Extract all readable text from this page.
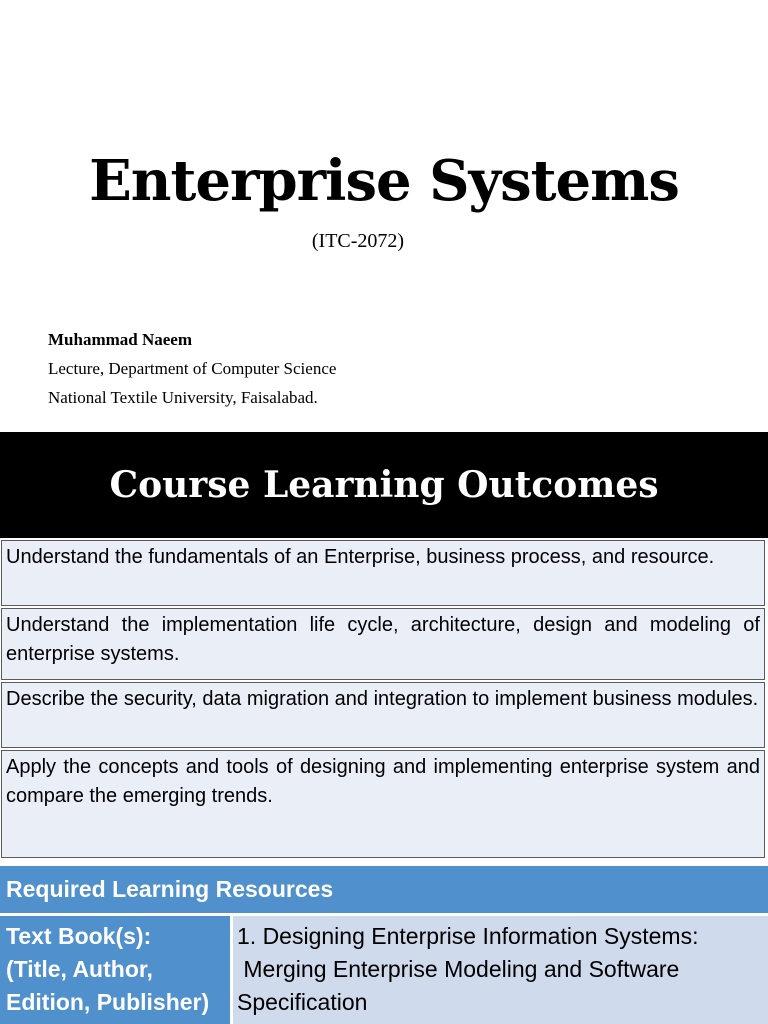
Enterprise Systems
(ITC-2072)
Muhammad Naeem
Lecture, Department of Computer Science
National Textile University, Faisalabad.
Course Learning Outcomes
Understand the fundamentals of an Enterprise, business process, and resource.
Understand the implementation life cycle, architecture, design and modeling of enterprise systems.
Describe the security, data migration and integration to implement business modules.
Apply the concepts and tools of designing and implementing enterprise system and compare the emerging trends.
Required Learning Resources
Text Book(s):
(Title, Author,
Edition, Publisher)
1. Designing Enterprise Information Systems:
Merging Enterprise Modeling and Software
Specification
